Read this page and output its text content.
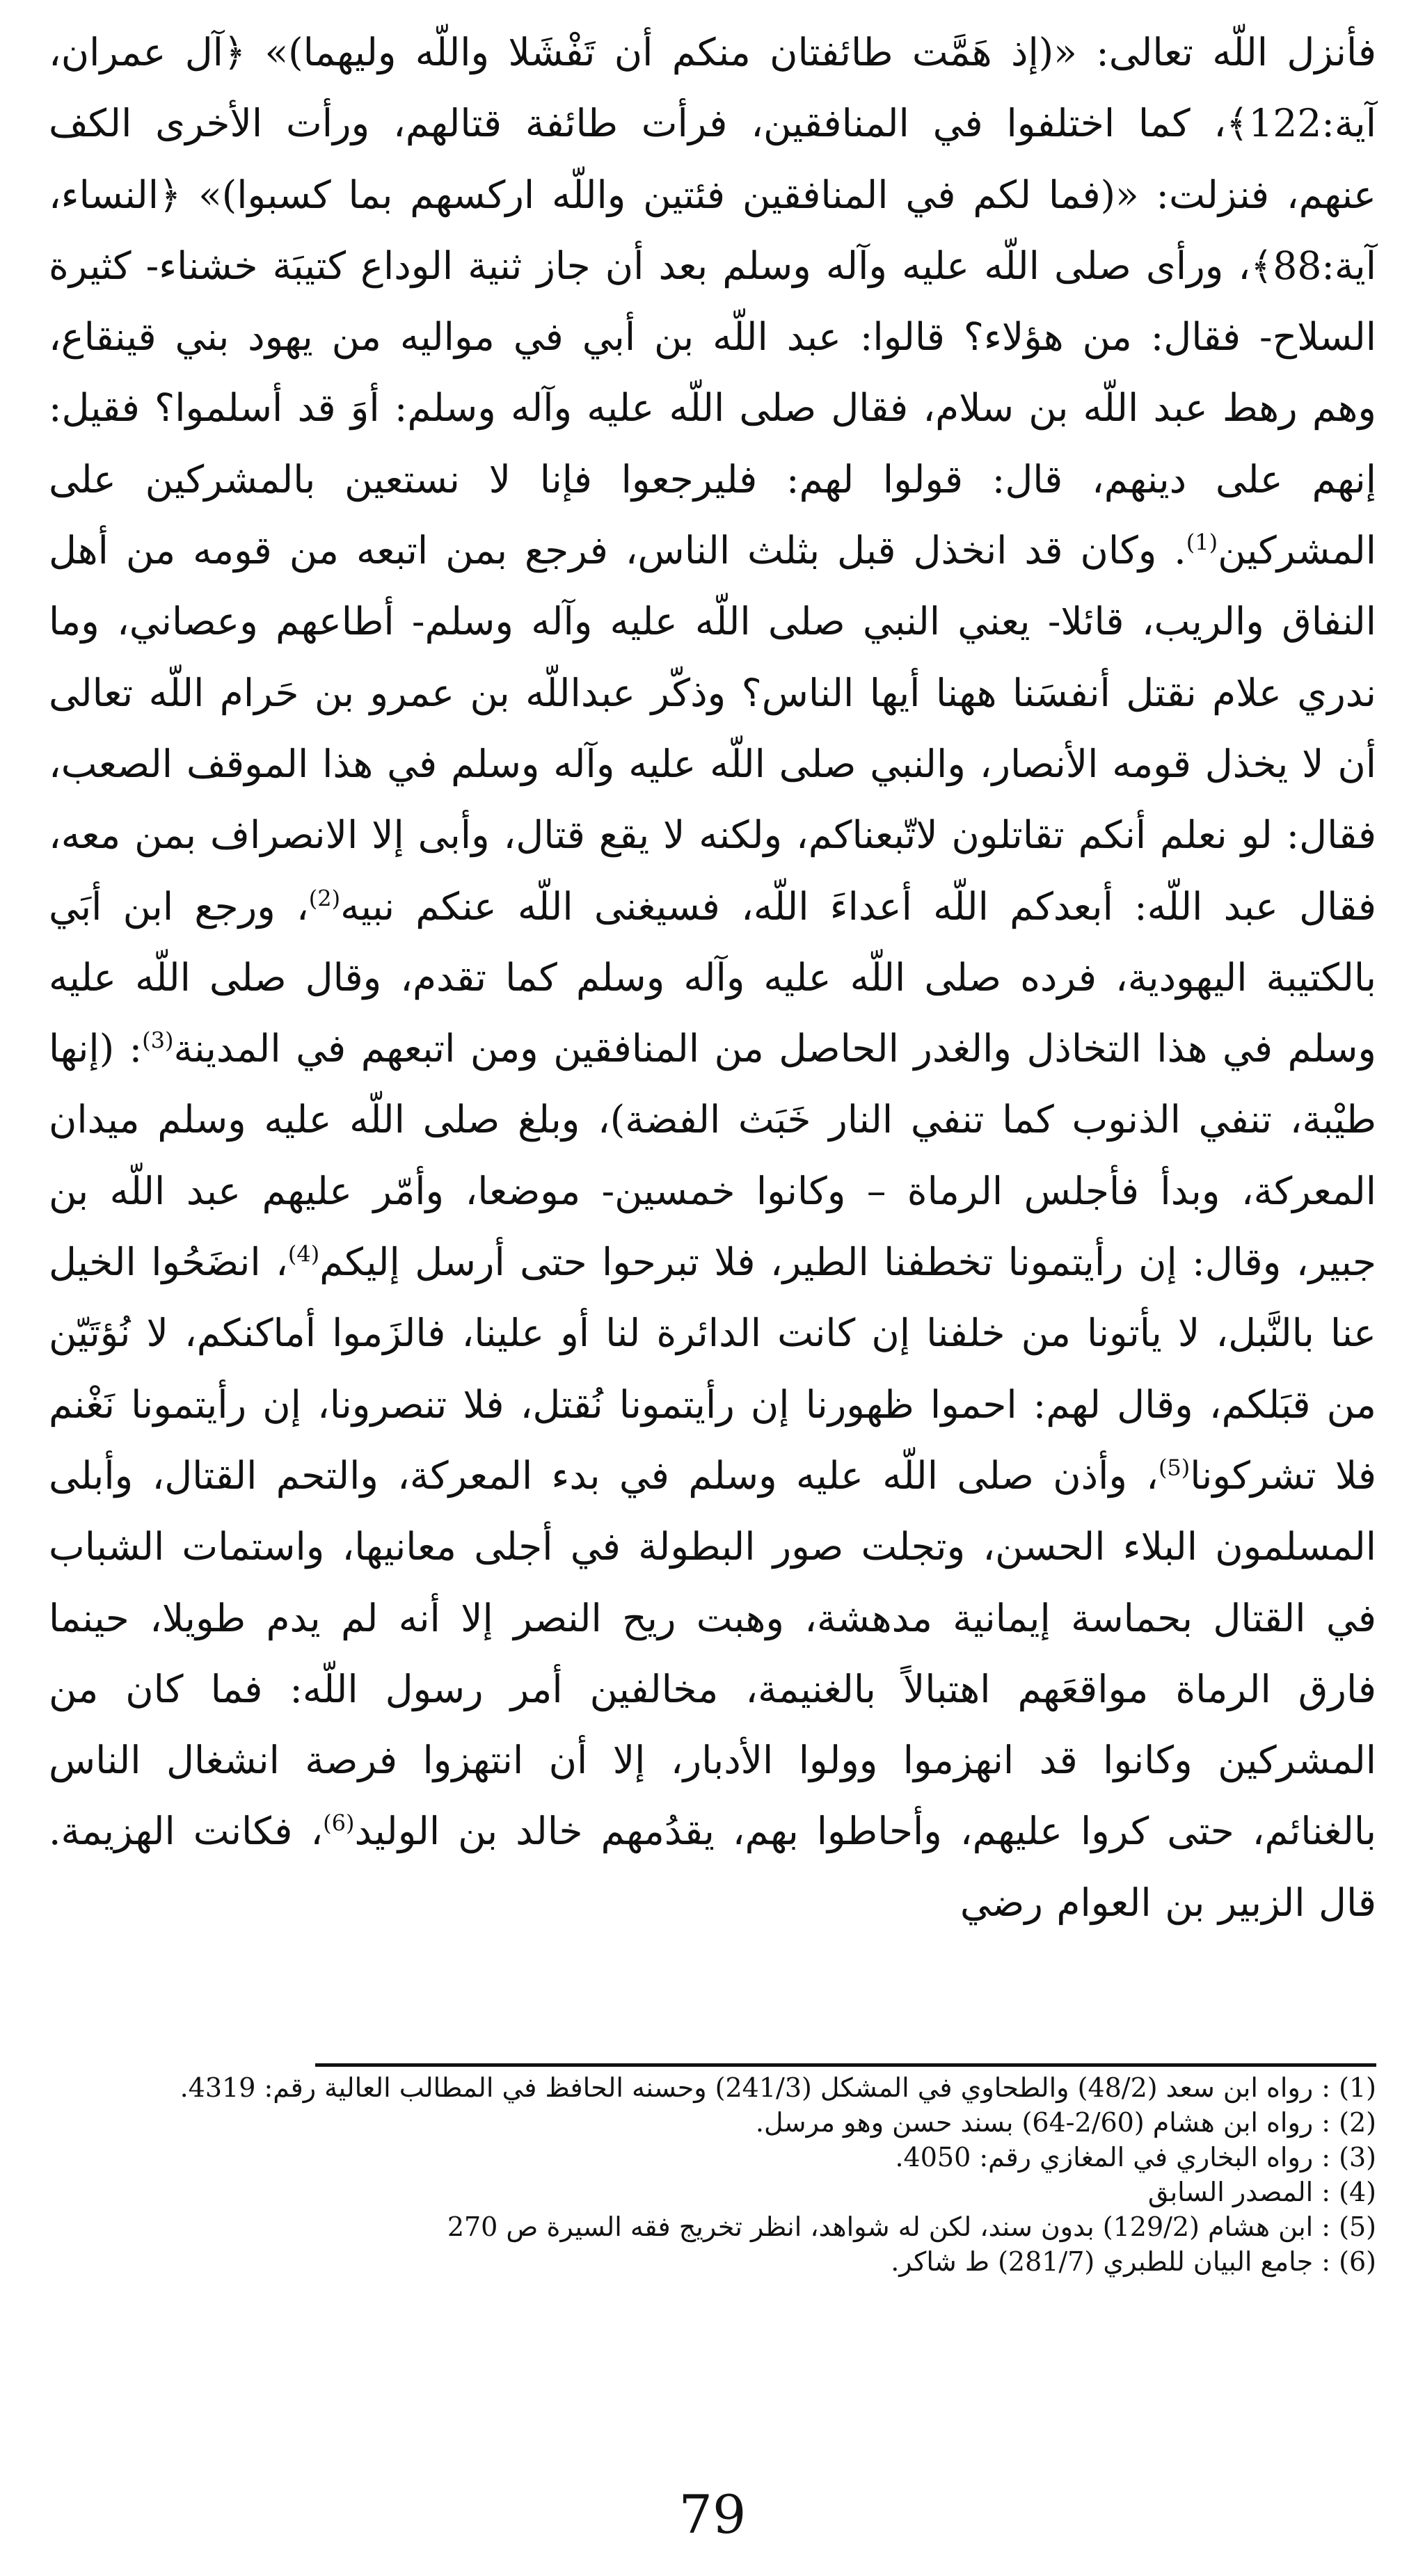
فأنزل اللّه تعالى: «(إذ هَمَّت طائفتان منكم أن تَفْشَلا واللّه وليهما)» ﴿آل عمران، آية:122﴾، كما اختلفوا في المنافقين، فرأت طائفة قتالهم، ورأت الأخرى الكف عنهم، فنزلت: «(فما لكم في المنافقين فئتين واللّه اركسهم بما كسبوا)» ﴿النساء، آية:88﴾، ورأى صلى اللّه عليه وآله وسلم بعد أن جاز ثنية الوداع كتيبَة خشناء- كثيرة السلاح- فقال: من هؤلاء؟ قالوا: عبد اللّه بن أبي في مواليه من يهود بني قينقاع، وهم رهط عبد اللّه بن سلام، فقال صلى اللّه عليه وآله وسلم: أوَ قد أسلموا؟ فقيل: إنهم على دينهم، قال: قولوا لهم: فليرجعوا فإنا لا نستعين بالمشركين على المشركين$^{(1)}$. وكان قد انخذل قبل بثلث الناس، فرجع بمن اتبعه من قومه من أهل النفاق والريب، قائلا- يعني النبي صلى اللّه عليه وآله وسلم- أطاعهم وعصاني، وما ندري علام نقتل أنفسَنا ههنا أيها الناس؟ وذكّر عبداللّه بن عمرو بن حَرام اللّه تعالى أن لا يخذل قومه الأنصار، والنبي صلى اللّه عليه وآله وسلم في هذا الموقف الصعب، فقال: لو نعلم أنكم تقاتلون لاتّبعناكم، ولكنه لا يقع قتال، وأبى إلا الانصراف بمن معه، فقال عبد اللّه: أبعدكم اللّه أعداءَ اللّه، فسيغنى اللّه عنكم نبيه$^{(2)}$، ورجع ابن أبَي بالكتيبة اليهودية، فرده صلى اللّه عليه وآله وسلم كما تقدم، وقال صلى اللّه عليه وسلم في هذا التخاذل والغدر الحاصل من المنافقين ومن اتبعهم في المدينة$^{(3)}$: (إنها طيْبة، تنفي الذنوب كما تنفي النار خَبَث الفضة)، وبلغ صلى اللّه عليه وسلم ميدان المعركة، وبدأ فأجلس الرماة – وكانوا خمسين- موضعا، وأمّر عليهم عبد اللّه بن جبير، وقال: إن رأيتمونا تخطفنا الطير، فلا تبرحوا حتى أرسل إليكم$^{(4)}$، انضَحُوا الخيل عنا بالنَّبل، لا يأتونا من خلفنا إن كانت الدائرة لنا أو علينا، فالزَموا أماكنكم، لا نُؤتَيّن من قبَلكم، وقال لهم: احموا ظهورنا إن رأيتمونا نُقتل، فلا تنصرونا، إن رأيتمونا نَغْنم فلا تشركونا$^{(5)}$، وأذن صلى اللّه عليه وسلم في بدء المعركة، والتحم القتال، وأبلى المسلمون البلاء الحسن، وتجلت صور البطولة في أجلى معانيها، واستمات الشباب في القتال بحماسة إيمانية مدهشة، وهبت ريح النصر إلا أنه لم يدم طويلا، حينما فارق الرماة مواقعَهم اهتبالاً بالغنيمة، مخالفين أمر رسول اللّه: فما كان من المشركين وكانوا قد انهزموا وولوا الأدبار، إلا أن انتهزوا فرصة انشغال الناس بالغنائم، حتى كروا عليهم، وأحاطوا بهم، يقدُمهم خالد بن الوليد$^{(6)}$، فكانت الهزيمة. قال الزبير بن العوام رضي

(1) : رواه ابن سعد (48/2) والطحاوي في المشكل (241/3) وحسنه الحافظ في المطالب العالية رقم: 4319.

(2) : رواه ابن هشام (2/60-64) بسند حسن وهو مرسل.

(3) : رواه البخاري في المغازي رقم: 4050.

(4) : المصدر السابق

(5) : ابن هشام (129/2) بدون سند، لكن له شواهد، انظر تخريج فقه السيرة ص 270

(6) : جامع البيان للطبري (281/7) ط شاكر.

79
